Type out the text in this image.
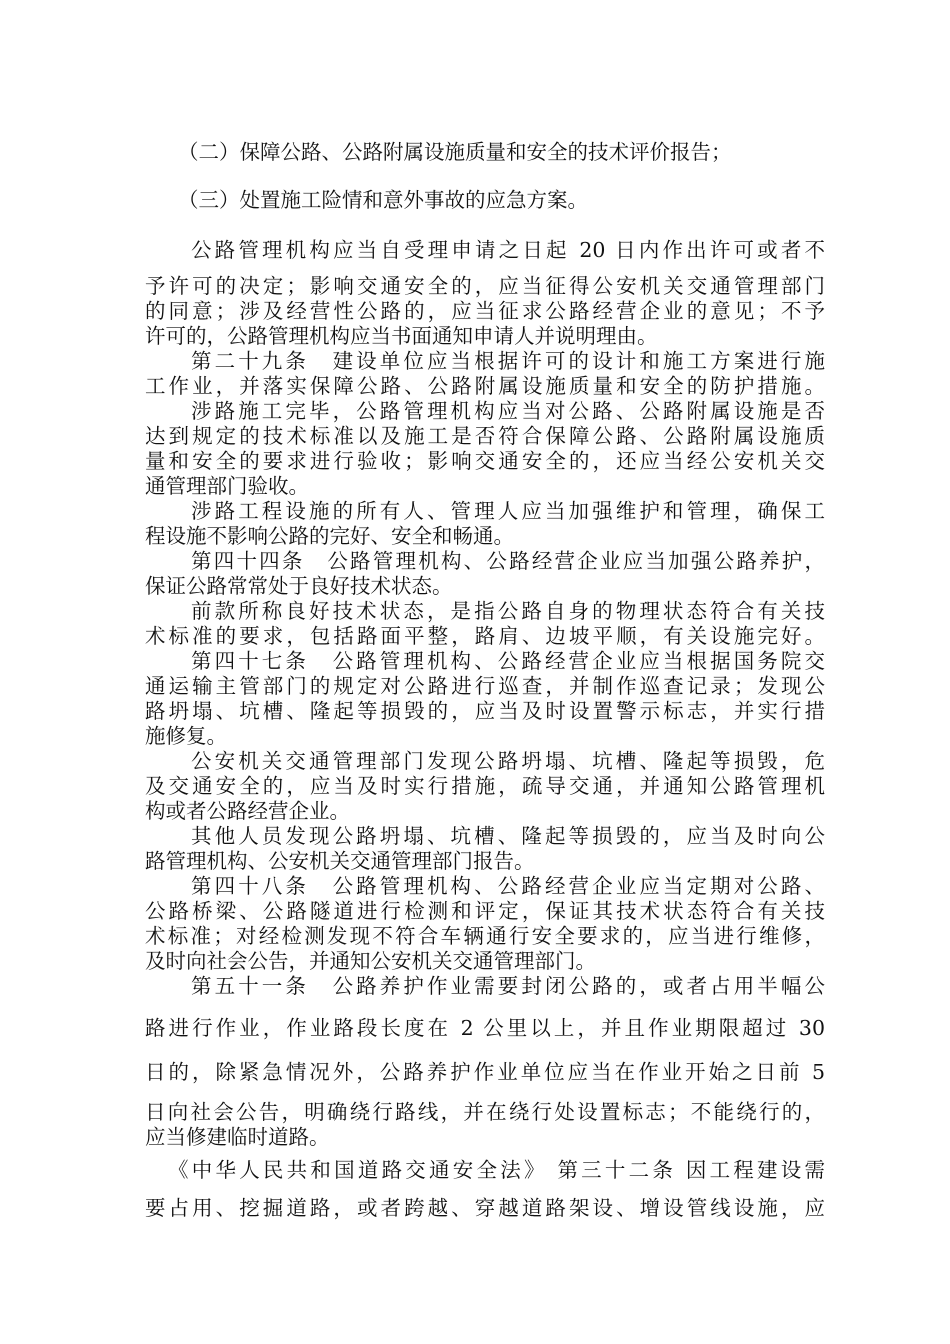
（二）保障公路、公路附属设施质量和安全的技术评价报告；
（三）处置施工险情和意外事故的应急方案。
公路管理机构应当自受理申请之日起 20 日内作出许可或者不
予许可的决定；影响交通安全的，应当征得公安机关交通管理部门
的同意；涉及经营性公路的，应当征求公路经营企业的意见；不予
许可的，公路管理机构应当书面通知申请人并说明理由。
第二十九条　建设单位应当根据许可的设计和施工方案进行施
工作业，并落实保障公路、公路附属设施质量和安全的防护措施。
涉路施工完毕，公路管理机构应当对公路、公路附属设施是否
达到规定的技术标准以及施工是否符合保障公路、公路附属设施质
量和安全的要求进行验收；影响交通安全的，还应当经公安机关交
通管理部门验收。
涉路工程设施的所有人、管理人应当加强维护和管理，确保工
程设施不影响公路的完好、安全和畅通。
第四十四条　公路管理机构、公路经营企业应当加强公路养护，
保证公路常常处于良好技术状态。
前款所称良好技术状态，是指公路自身的物理状态符合有关技
术标准的要求，包括路面平整，路肩、边坡平顺，有关设施完好。
第四十七条　公路管理机构、公路经营企业应当根据国务院交
通运输主管部门的规定对公路进行巡查，并制作巡查记录；发现公
路坍塌、坑槽、隆起等损毁的，应当及时设置警示标志，并实行措
施修复。
公安机关交通管理部门发现公路坍塌、坑槽、隆起等损毁，危
及交通安全的，应当及时实行措施，疏导交通，并通知公路管理机
构或者公路经营企业。
其他人员发现公路坍塌、坑槽、隆起等损毁的，应当及时向公
路管理机构、公安机关交通管理部门报告。
第四十八条　公路管理机构、公路经营企业应当定期对公路、
公路桥梁、公路隧道进行检测和评定，保证其技术状态符合有关技
术标准；对经检测发现不符合车辆通行安全要求的，应当进行维修，
及时向社会公告，并通知公安机关交通管理部门。
第五十一条　公路养护作业需要封闭公路的，或者占用半幅公
路进行作业，作业路段长度在 2 公里以上，并且作业期限超过 30
日的，除紧急情况外，公路养护作业单位应当在作业开始之日前 5
日向社会公告，明确绕行路线，并在绕行处设置标志；不能绕行的，
应当修建临时道路。
《中华人民共和国道路交通安全法》 第三十二条 因工程建设需
要占用、挖掘道路，或者跨越、穿越道路架设、增设管线设施，应
